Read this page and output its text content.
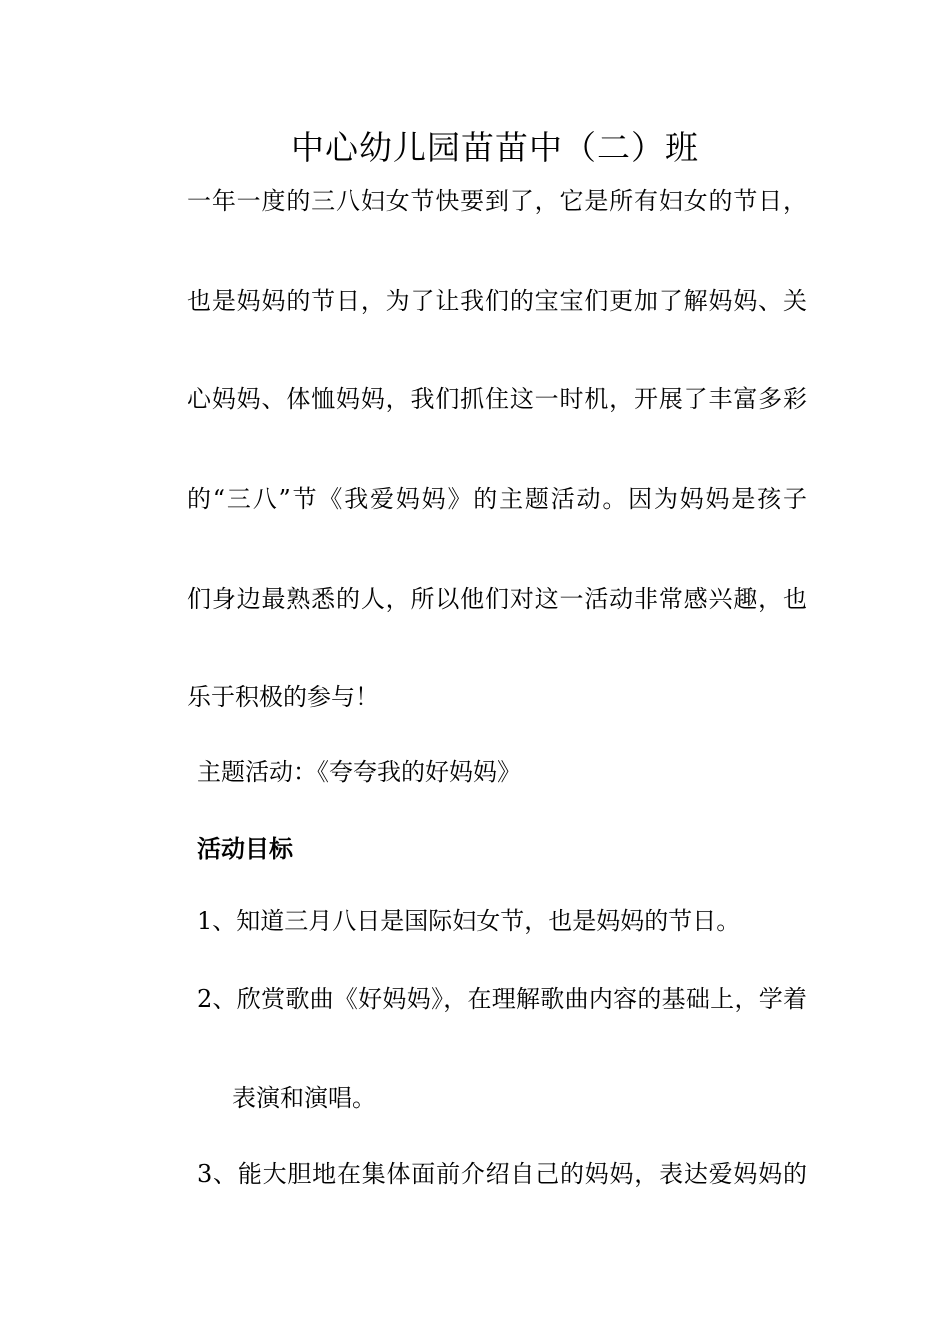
中心幼儿园苗苗中（二）班
一年一度的三八妇女节快要到了，它是所有妇女的节日，
也是妈妈的节日，为了让我们的宝宝们更加了解妈妈、关
心妈妈、体恤妈妈，我们抓住这一时机，开展了丰富多彩
的“三八”节《我爱妈妈》的主题活动。因为妈妈是孩子
们身边最熟悉的人，所以他们对这一活动非常感兴趣，也
乐于积极的参与！
主题活动：《夸夸我的好妈妈》
活动目标
1、知道三月八日是国际妇女节，也是妈妈的节日。
2、欣赏歌曲《好妈妈》，在理解歌曲内容的基础上，学着
表演和演唱。
3、能大胆地在集体面前介绍自己的妈妈，表达爱妈妈的
